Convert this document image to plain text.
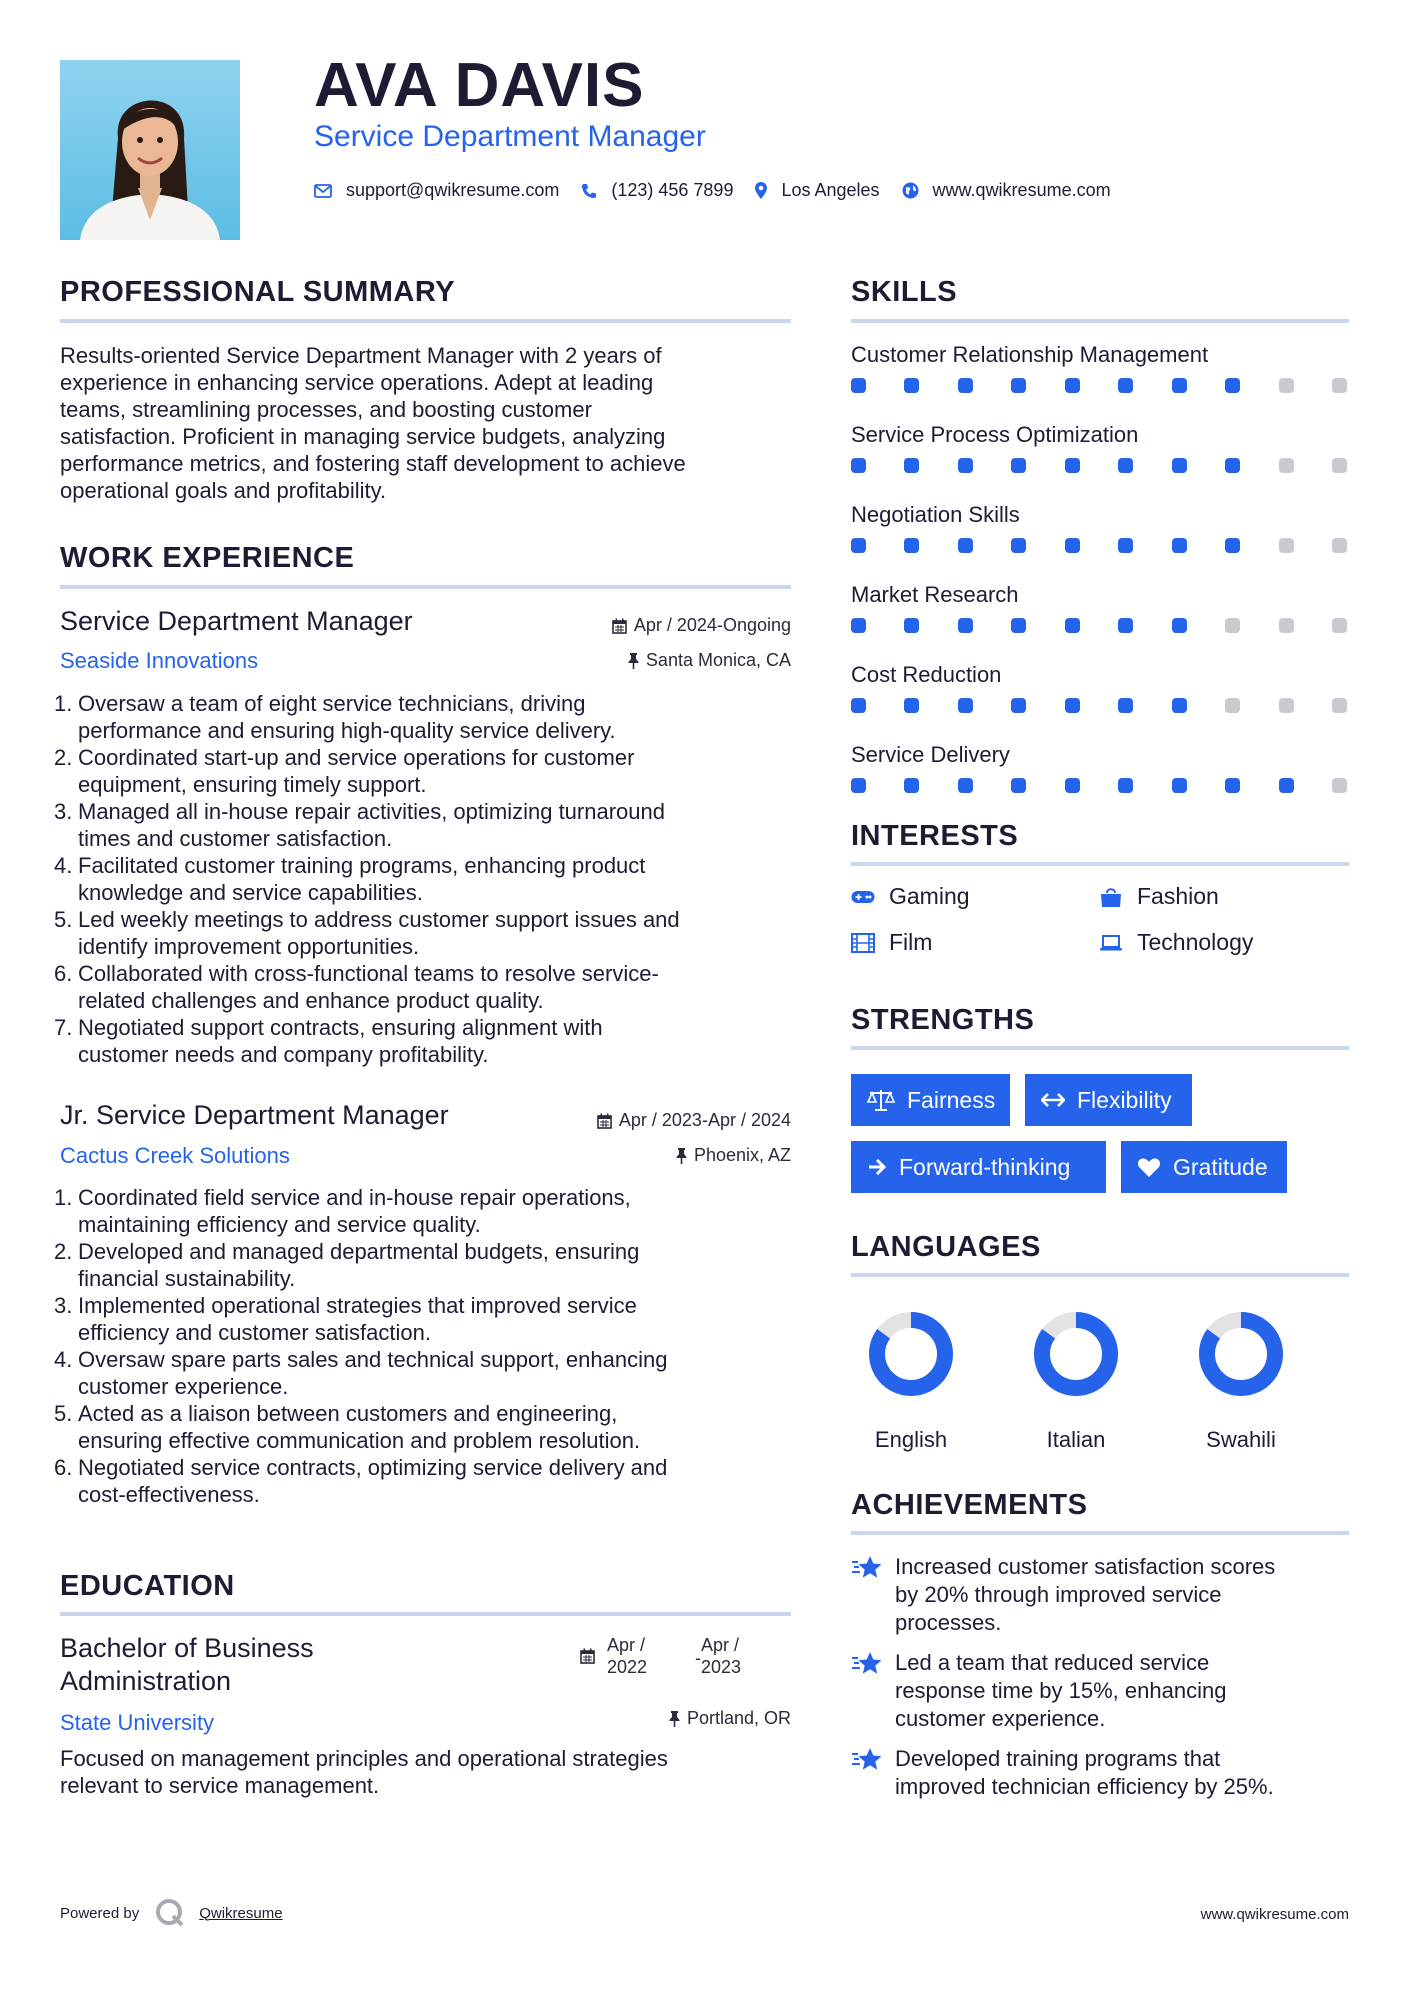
AVA DAVIS
Service Department Manager
support@qwikresume.com	(123) 456 7899	Los Angeles	www.qwikresume.com
PROFESSIONAL SUMMARY
Results-oriented Service Department Manager with 2 years of
experience in enhancing service operations. Adept at leading
teams, streamlining processes, and boosting customer
satisfaction. Proficient in managing service budgets, analyzing
performance metrics, and fostering staff development to achieve
operational goals and profitability.
WORK EXPERIENCE
Service Department Manager	Apr / 2024-Ongoing
Seaside Innovations	Santa Monica, CA
1. Oversaw a team of eight service technicians, driving
performance and ensuring high-quality service delivery.
2. Coordinated start-up and service operations for customer
equipment, ensuring timely support.
3. Managed all in-house repair activities, optimizing turnaround
times and customer satisfaction.
4. Facilitated customer training programs, enhancing product
knowledge and service capabilities.
5. Led weekly meetings to address customer support issues and
identify improvement opportunities.
6. Collaborated with cross-functional teams to resolve service-
related challenges and enhance product quality.
7. Negotiated support contracts, ensuring alignment with
customer needs and company profitability.
Jr. Service Department Manager	Apr / 2023-Apr / 2024
Cactus Creek Solutions	Phoenix, AZ
1. Coordinated field service and in-house repair operations,
maintaining efficiency and service quality.
2. Developed and managed departmental budgets, ensuring
financial sustainability.
3. Implemented operational strategies that improved service
efficiency and customer satisfaction.
4. Oversaw spare parts sales and technical support, enhancing
customer experience.
5. Acted as a liaison between customers and engineering,
ensuring effective communication and problem resolution.
6. Negotiated service contracts, optimizing service delivery and
cost-effectiveness.
EDUCATION
Bachelor of Business
Administration
Apr /
2022	-
Apr /
2023
State University	Portland, OR
Focused on management principles and operational strategies
relevant to service management.
SKILLS
Customer Relationship Management
Service Process Optimization
Negotiation Skills
Market Research
Cost Reduction
Service Delivery
INTERESTS
Gaming	Fashion
Film	Technology
STRENGTHS
Fairness	Flexibility
Forward-thinking	Gratitude
LANGUAGES
English	Italian	Swahili
ACHIEVEMENTS
Increased customer satisfaction scores
by 20% through improved service
processes.
Led a team that reduced service
response time by 15%, enhancing
customer experience.
Developed training programs that
improved technician efficiency by 25%.
Powered by	Qwikresume	www.qwikresume.com
